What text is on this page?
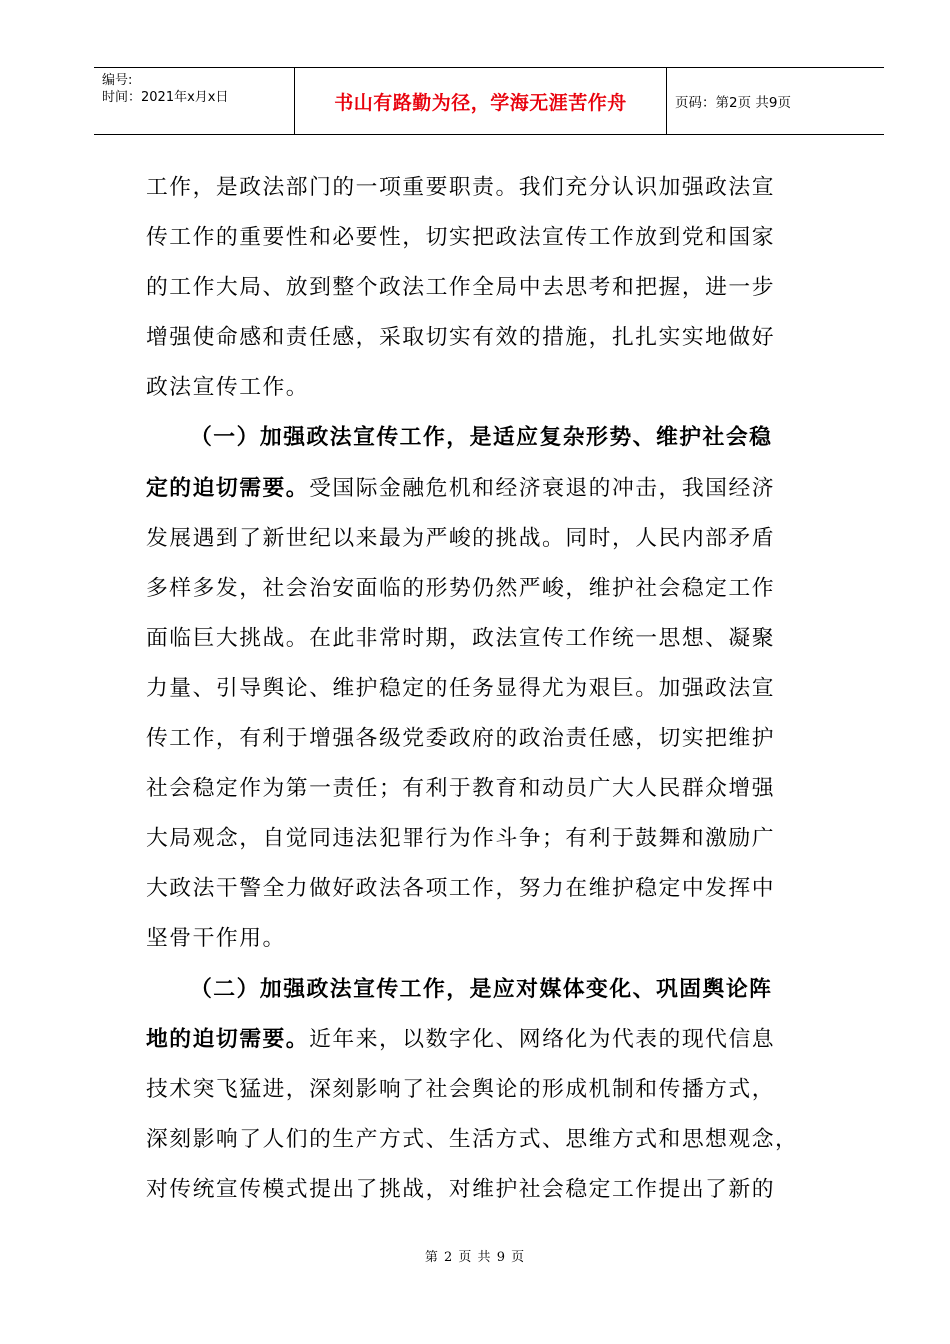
编号:
时间：2021年x月x日	书山有路勤为径，学海无涯苦作舟	页码：第2页 共9页
工作，是政法部门的一项重要职责。我们充分认识加强政法宣
传工作的重要性和必要性，切实把政法宣传工作放到党和国家
的工作大局、放到整个政法工作全局中去思考和把握，进一步
增强使命感和责任感，采取切实有效的措施，扎扎实实地做好
政法宣传工作。
（一）加强政法宣传工作，是适应复杂形势、维护社会稳
定的迫切需要。受国际金融危机和经济衰退的冲击，我国经济
发展遇到了新世纪以来最为严峻的挑战。同时，人民内部矛盾
多样多发，社会治安面临的形势仍然严峻，维护社会稳定工作
面临巨大挑战。在此非常时期，政法宣传工作统一思想、凝聚
力量、引导舆论、维护稳定的任务显得尤为艰巨。加强政法宣
传工作，有利于增强各级党委政府的政治责任感，切实把维护
社会稳定作为第一责任；有利于教育和动员广大人民群众增强
大局观念，自觉同违法犯罪行为作斗争；有利于鼓舞和激励广
大政法干警全力做好政法各项工作，努力在维护稳定中发挥中
坚骨干作用。
（二）加强政法宣传工作，是应对媒体变化、巩固舆论阵
地的迫切需要。近年来，以数字化、网络化为代表的现代信息
技术突飞猛进，深刻影响了社会舆论的形成机制和传播方式，
深刻影响了人们的生产方式、生活方式、思维方式和思想观念，
对传统宣传模式提出了挑战，对维护社会稳定工作提出了新的
第 2 页 共 9 页
